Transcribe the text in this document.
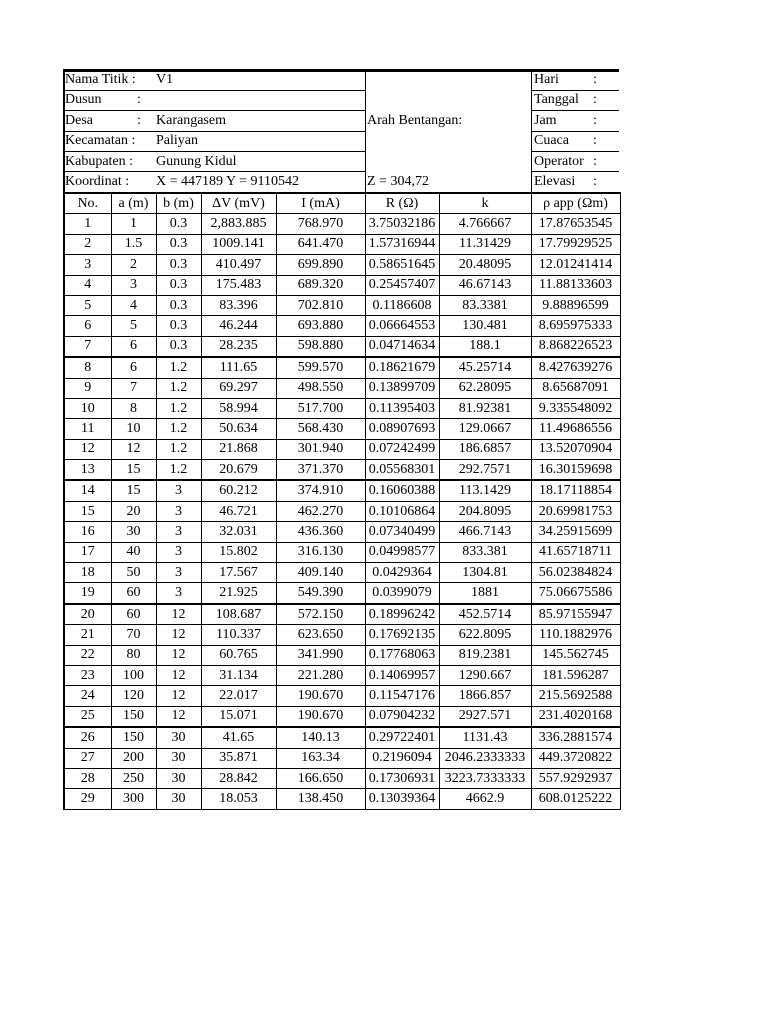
Nama Titik : V1
Dusun	:
Desa	: Karangasem
Kecamatan : Paliyan
Kabupaten : Gunung Kidul
Koordinat : X = 447189 Y = 9110542
Arah Bentangan:
Z = 304,72
Hari :
Tanggal :
Jam	:
Cuaca :
Operator :
Elevasi :
No.	a (m)	b (m)	ΔV (mV)	I (mA)	R (Ω)	k	ρ app (Ωm)
1	1	0.3	2,883.885	768.970	3.75032186	4.766667	17.87653545
2	1.5	0.3	1009.141	641.470	1.57316944	11.31429	17.79929525
3	2	0.3	410.497	699.890	0.58651645	20.48095	12.01241414
4	3	0.3	175.483	689.320	0.25457407	46.67143	11.88133603
5	4	0.3	83.396	702.810	0.1186608	83.3381	9.88896599
6	5	0.3	46.244	693.880	0.06664553	130.481	8.695975333
7	6	0.3	28.235	598.880	0.04714634	188.1	8.868226523
8	6	1.2	111.65	599.570	0.18621679	45.25714	8.427639276
9	7	1.2	69.297	498.550	0.13899709	62.28095	8.65687091
10	8	1.2	58.994	517.700	0.11395403	81.92381	9.335548092
11	10	1.2	50.634	568.430	0.08907693	129.0667	11.49686556
12	12	1.2	21.868	301.940	0.07242499	186.6857	13.52070904
13	15	1.2	20.679	371.370	0.05568301	292.7571	16.30159698
14	15	3	60.212	374.910	0.16060388	113.1429	18.17118854
15	20	3	46.721	462.270	0.10106864	204.8095	20.69981753
16	30	3	32.031	436.360	0.07340499	466.7143	34.25915699
17	40	3	15.802	316.130	0.04998577	833.381	41.65718711
18	50	3	17.567	409.140	0.0429364	1304.81	56.02384824
19	60	3	21.925	549.390	0.0399079	1881	75.06675586
20	60	12	108.687	572.150	0.18996242	452.5714	85.97155947
21	70	12	110.337	623.650	0.17692135	622.8095	110.1882976
22	80	12	60.765	341.990	0.17768063	819.2381	145.562745
23	100	12	31.134	221.280	0.14069957	1290.667	181.596287
24	120	12	22.017	190.670	0.11547176	1866.857	215.5692588
25	150	12	15.071	190.670	0.07904232	2927.571	231.4020168
26	150	30	41.65	140.13	0.29722401	1131.43	336.2881574
27	200	30	35.871	163.34	0.2196094	2046.2333333	449.3720822
28	250	30	28.842	166.650	0.17306931	3223.7333333	557.9292937
29	300	30	18.053	138.450	0.13039364	4662.9	608.0125222
